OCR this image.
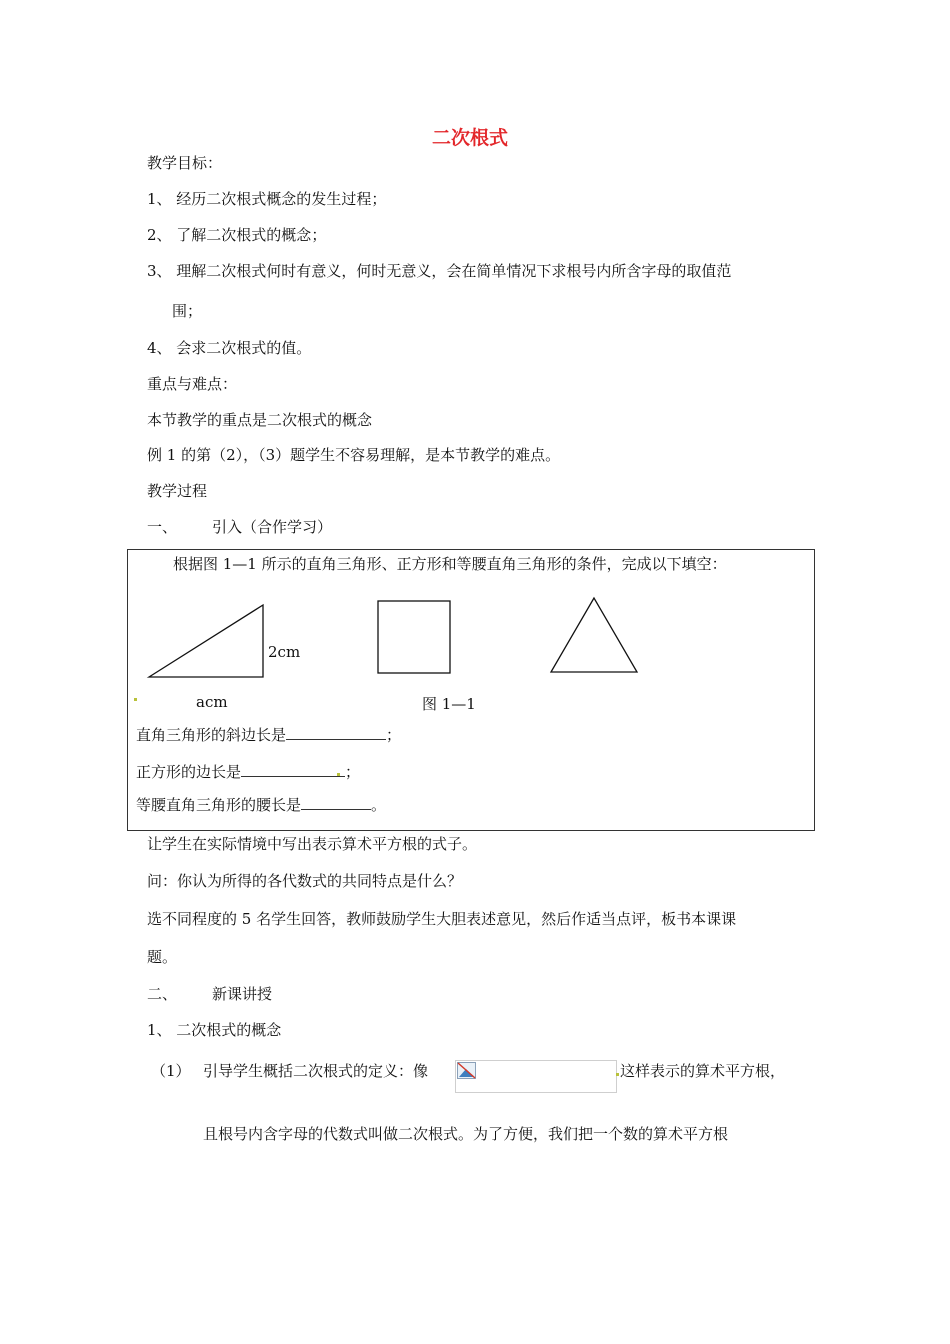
二次根式
教学目标：
1、 经历二次根式概念的发生过程；
2、 了解二次根式的概念；
3、 理解二次根式何时有意义，何时无意义，会在简单情况下求根号内所含字母的取值范
围；
4、 会求二次根式的值。
重点与难点：
本节教学的重点是二次根式的概念
例 1 的第（2），（3）题学生不容易理解，是本节教学的难点。
教学过程
一、 引入（合作学习）
根据图 1—1 所示的直角三角形、正方形和等腰直角三角形的条件，完成以下填空：
2cm
acm	图 1—1
直角三角形的斜边长是	；
正方形的边长是	；
等腰直角三角形的腰长是	。
让学生在实际情境中写出表示算术平方根的式子。
问：你认为所得的各代数式的共同特点是什么？
选不同程度的 5 名学生回答，教师鼓励学生大胆表述意见，然后作适当点评，板书本课课
题。
二、 新课讲授
1、 二次根式的概念
（1） 引导学生概括二次根式的定义：像	这样表示的算术平方根，
且根号内含字母的代数式叫做二次根式。为了方便，我们把一个数的算术平方根
